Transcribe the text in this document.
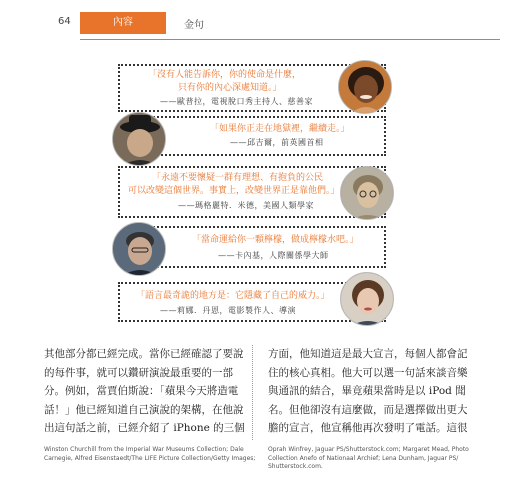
64	內容	金句
「沒有人能告訴你，你的使命是什麼，
只有你的內心深處知道。」
——歐普拉，電視脫口秀主持人、慈善家
「如果你正走在地獄裡，繼續走。」
——邱吉爾，前英國首相
「永遠不要懷疑一群有理想、有抱負的公民
可以改變這個世界。事實上，改變世界正是靠他們。」
——瑪格麗特．米德，美國人類學家
「當命運給你一顆檸檬，做成檸檬水吧。」
——卡內基，人際關係學大師
「語言最奇詭的地方是：它隱藏了自己的威力。」
——莉娜．丹恩，電影製作人、導演
其他部分都已經完成。當你已經確認了要說
的每件事，就可以鑽研演說最重要的一部
分。例如，當賈伯斯說：「蘋果今天將造電
話！」他已經知道自己演說的架構，在他說
出這句話之前，已經介紹了 iPhone 的三個
方面，他知道這是最大宣言，每個人都會記
住的核心真相。他大可以選一句話來談音樂
與通訊的結合，畢竟蘋果當時是以 iPod 聞
名。但他卻沒有這麼做，而是選擇做出更大
膽的宣言，他宣稱他再次發明了電話。這很
Winston Churchill from the Imperial War Museums Collection; Dale
Carnegie, Alfred Eisenstaedt/The LIFE Picture Collection/Getty Images;
Oprah Winfrey, Jaguar PS/Shutterstock.com; Margaret Mead, Photo
Collection Anefo of Nationaal Archief; Lena Dunham, Jaguar PS/
Shutterstock.com.
